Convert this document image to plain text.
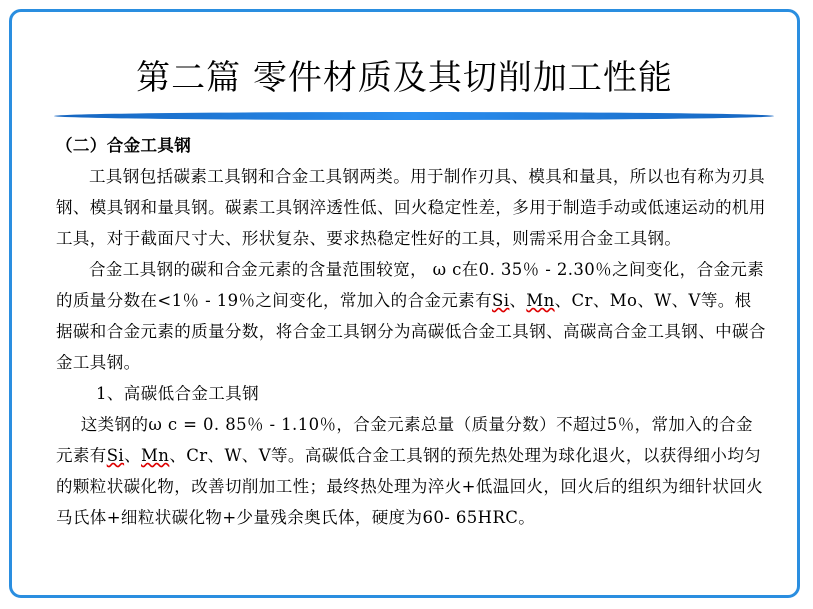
第二篇 零件材质及其切削加工性能

（二）合金工具钢

工具钢包括碳素工具钢和合金工具钢两类。用于制作刃具、模具和量具，所以也有称为刃具钢、模具钢和量具钢。碳素工具钢淬透性低、回火稳定性差，多用于制造手动或低速运动的机用工具，对于截面尺寸大、形状复杂、要求热稳定性好的工具，则需采用合金工具钢。

合金工具钢的碳和合金元素的含量范围较宽， ω c在0. 35％ - 2.30％之间变化，合金元素的质量分数在<1％ - 19％之间变化，常加入的合金元素有Si、Mn、Cr、Mo、W、V等。根据碳和合金元素的质量分数，将合金工具钢分为高碳低合金工具钢、高碳高合金工具钢、中碳合金工具钢。

1、高碳低合金工具钢

这类钢的ω c = 0. 85％ - 1.10％，合金元素总量（质量分数）不超过5％，常加入的合金元素有Si、Mn、Cr、W、V等。高碳低合金工具钢的预先热处理为球化退火，以获得细小均匀的颗粒状碳化物，改善切削加工性；最终热处理为淬火+低温回火，回火后的组织为细针状回火马氏体+细粒状碳化物+少量残余奥氏体，硬度为60- 65HRC。
